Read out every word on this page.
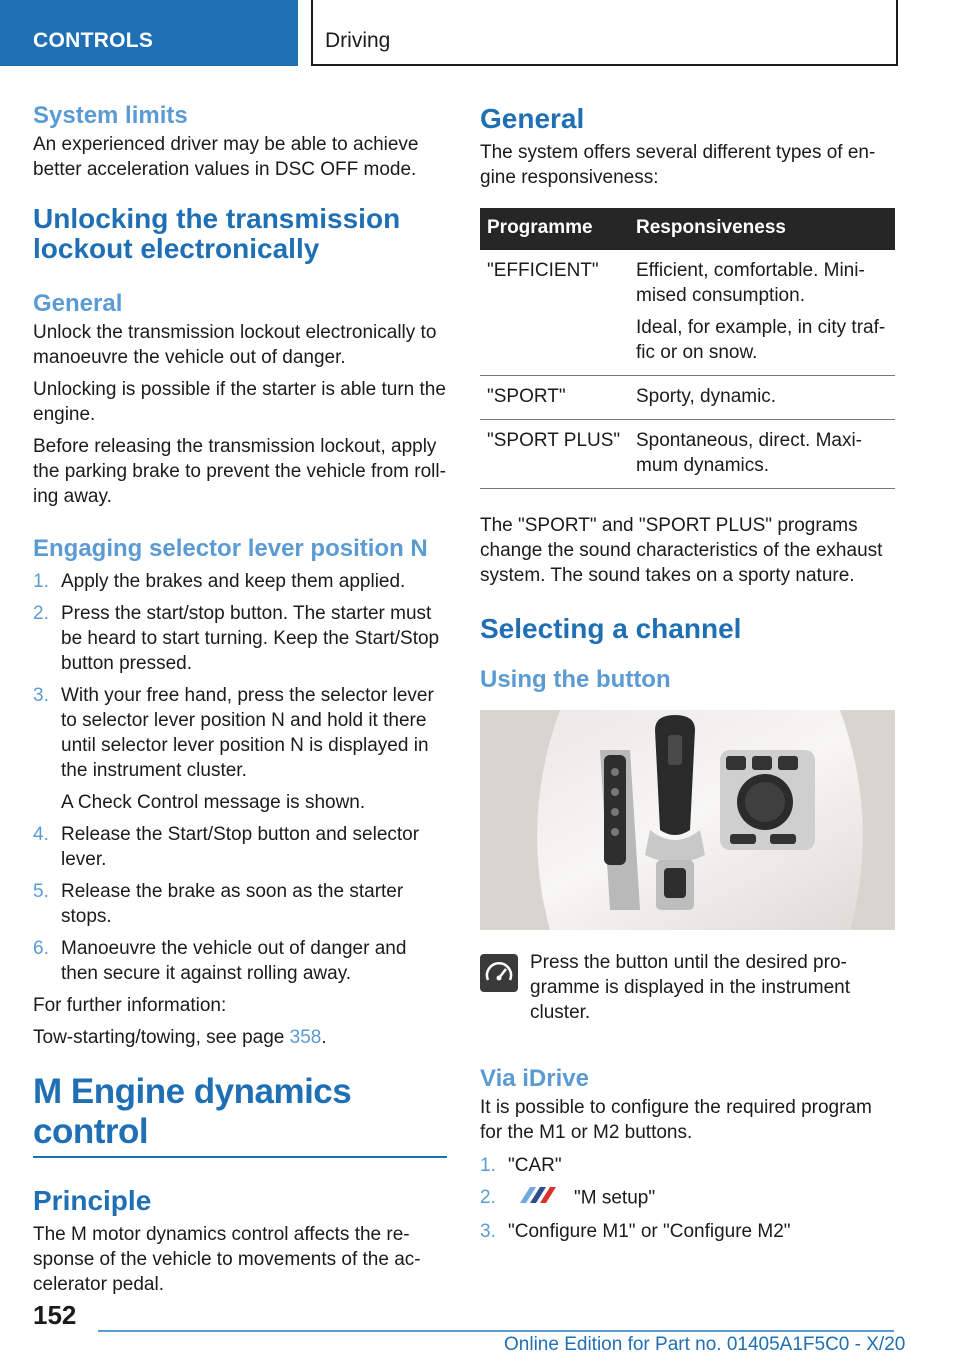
CONTROLS	Driving
System limits

An experienced driver may be able to achieve better acceleration values in DSC OFF mode.

Unlocking the transmission lockout electronically
General

Unlock the transmission lockout electronically to manoeuvre the vehicle out of danger.

Unlocking is possible if the starter is able turn the engine.

Before releasing the transmission lockout, apply the parking brake to prevent the vehicle from roll-ing away.

Engaging selector lever position N
1. Apply the brakes and keep them applied.
2. Press the start/stop button. The starter must be heard to start turning. Keep the Start/Stop button pressed.
3. With your free hand, press the selector lever to selector lever position N and hold it there until selector lever position N is displayed in the instrument cluster.
A Check Control message is shown.
4. Release the Start/Stop button and selector lever.
5. Release the brake as soon as the starter stops.
6. Manoeuvre the vehicle out of danger and then secure it against rolling away.

For further information:

Tow-starting/towing, see page 358.

M Engine dynamics control
Principle

The M motor dynamics control affects the re-sponse of the vehicle to movements of the ac-celerator pedal.

General

The system offers several different types of en-gine responsiveness:

Programme	Responsiveness
"EFFICIENT"	Efficient, comfortable. Mini-mised consumption.
Ideal, for example, in city traf-fic or on snow.

"SPORT"	Sporty, dynamic.
"SPORT PLUS"	Spontaneous, direct. Maxi-mum dynamics.

The "SPORT" and "SPORT PLUS" programs change the sound characteristics of the exhaust system. The sound takes on a sporty nature.

Selecting a channel
Using the button

Press the button until the desired pro-gramme is displayed in the instrument cluster.

Via iDrive

It is possible to configure the required program for the M1 or M2 buttons.

1. "CAR"
2.	"M setup"
3. "Configure M1" or "Configure M2"
152
Online Edition for Part no. 01405A1F5C0 - X/20
